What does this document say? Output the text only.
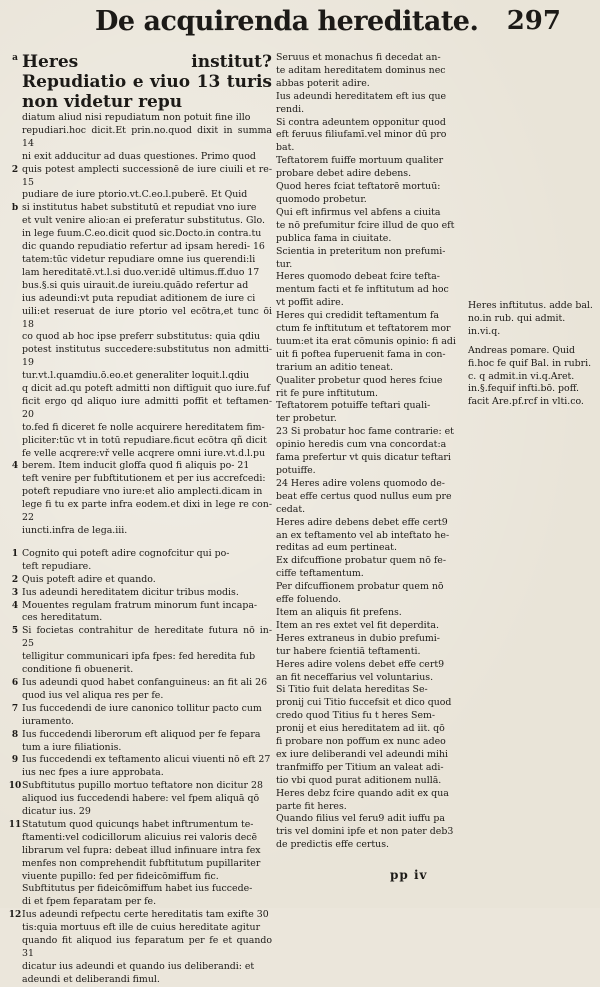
De acquirenda hereditate. 297
a Heres institut? Repudiatio e viuo 13 turis non videtur repu
diatum aliud nisi repudiatum non potuit fine illo
repudiari.hoc dicit.Et prin.no.quod dixit in summa 14
ni exit adducitur ad duas questiones. Primo quod
2 quis potest amplecti successionē de iure ciuili et re- 15
pudiare de iure ptorio.vt.C.eo.l.puberē. Et Quid
b si institutus habet substitutū et repudiat vno iure
et vult venire alio:an ei preferatur substitutus. Glo.
in lege fuum.C.eo.dicit quod sic.Docto.in contra.tu
dic quando repudiatio refertur ad ipsam heredi- 16
tatem:tūc videtur repudiare omne ius querendi:li
lam hereditatē.vt.l.si duo.ver.idē ultimus.ff.duo 17
bus.§.si quis uirauit.de iureiu.quādo refertur ad
ius adeundi:vt puta repudiat aditionem de iure ci
uili:et reseruat de iure ptorio vel ecōtra,et tunc ōi 18
co quod ab hoc ipse preferr substitutus: quia qdiu
potest institutus succedere:substitutus non admitti- 19
tur.vt.l.quamdiu.ō.eo.et generaliter loquit.l.qdiu
q dicit ad.qu poteft admitti non diftīguit quo iure.fuf
ficit ergo qd aliquo iure admitti poffit et teftamen- 20
to.fed fi diceret fe nolle acquirere hereditatem fim-
pliciter:tūc vt in totū repudiare.ficut ecōtra qñ dicit
fe velle acqrere:vř velle acqrere omni iure.vt.d.l.pu
4 berem. Item inducit gloffa quod fi aliquis po- 21
teft venire per fubftitutionem et per ius accrefcedi:
poteft repudiare vno iure:et alio amplecti.dicam in
lege fi tu ex parte infra eodem.et dixi in lege re con- 22
iuncti.infra de lega.iii.
1 Cognito qui poteft adire cognofcitur qui po-
teft repudiare.
2 Quis poteft adire et quando.
3 Ius adeundi hereditatem dicitur tribus modis.
4 Mouentes regulam fratrum minorum funt incapa-
ces hereditatum.
5 Si focietas contrahitur de hereditate futura nō in- 25
telligitur communicari ipfa fpes: fed heredita fub
conditione fi obuenerit.
6 Ius adeundi quod habet confanguineus: an fit ali 26
quod ius vel aliqua res per fe.
7 Ius fuccedendi de iure canonico tollitur pacto cum
iuramento.
8 Ius fuccedendi liberorum eft aliquod per fe fepara
tum a iure filiationis.
9 Ius fuccedendi ex teftamento alicui viuenti nō eft 27
ius nec fpes a iure approbata.
10 Subftitutus pupillo mortuo teftatore non dicitur 28
aliquod ius fuccedendi habere: vel fpem aliquā qō
dicatur ius. 29
11 Statutum quod quicunqs habet inftrumentum te-
ftamenti:vel codicillorum alicuius rei valoris decē
librarum vel fupra: debeat illud infinuare intra fex
menfes non comprehendit fubftitutum pupillariter
viuente pupillo: fed per fideicōmiffum fic.
Subftitutus per fideicōmiffum habet ius fuccede-
di et fpem feparatam per fe.
12 Ius adeundi refpectu certe hereditatis tam exifte 30
tis:quia mortuus eft ille de cuius hereditate agitur
quando fit aliquod ius feparatum per fe et quando 31
dicatur ius adeundi et quando ius deliberandi: et
adeundi et deliberandi fimul.
Seruus et monachus fi decedat an-
te aditam hereditatem dominus nec
abbas poterit adire.
Ius adeundi hereditatem eft ius que
rendi.
Si contra adeuntem opponitur quod
eft feruus filiufamī.vel minor dū pro
bat.
Teftatorem fuiffe mortuum qualiter
probare debet adire debens.
Quod heres fciat teftatorē mortuū:
quomodo probetur.
Qui eft infirmus vel abfens a ciuita
te nō prefumitur fcire illud de quo eft
publica fama in ciuitate.
Scientia in preteritum non prefumi-
tur.
Heres quomodo debeat fcire tefta-
mentum facti et fe inftitutum ad hoc
vt poffit adire.
Heres qui credidit teftamentum fa
ctum fe inftitutum et teftatorem mor
tuum:et ita erat cōmunis opinio: fi adi
uit fi poftea fuperuenit fama in con-
trarium an aditio teneat.
Qualiter probetur quod heres fciue
rit fe pure inftitutum.
Teftatorem potuiffe teftari quali-
ter probetur.
23 Si probatur hoc fame contrarie: et
opinio heredis cum vna concordat:a
fama prefertur vt quis dicatur teftari
potuiffe.
24 Heres adire volens quomodo de-
beat effe certus quod nullus eum pre
cedat.
Heres adire debens debet effe cert9
an ex teftamento vel ab inteftato he-
reditas ad eum pertineat.
Ex difcuffione probatur quem nō fe-
ciffe teftamentum.
Per difcuffionem probatur quem nō
effe foluendo.
Item an aliquis fit prefens.
Item an res extet vel fit deperdita.
Heres extraneus in dubio prefumi-
tur habere fcientiā teftamenti.
Heres adire volens debet effe cert9
an fit neceffarius vel voluntarius.
Si Titio fuit delata hereditas Se-
pronij cui Titio fuccefsit et dico quod
credo quod Titius fu t heres Sem-
pronij et eius hereditatem ad iit. qō
fi probare non poffum ex nunc adeo
ex iure deliberandi vel adeundi mihi
tranfmiffo per Titium an valeat adi-
tio vbi quod purat aditionem nullā.
Heres debz fcire quando adit ex qua
parte fit heres.
Quando filius vel feru9 adit iuffu pa
tris vel domini ipfe et non pater deb3
de predictis effe certus.
Heres inftitutus. adde bal. no.in rub. qui admit. in.vi.q.
Andreas pomare. Quid fi.hoc fe quif Bal. in rubri. c. q admit.in vi.q.Aret. in.§.fequif infti.bō. poff. facit Are.pf.rcf in vlti.co.
pp iv
